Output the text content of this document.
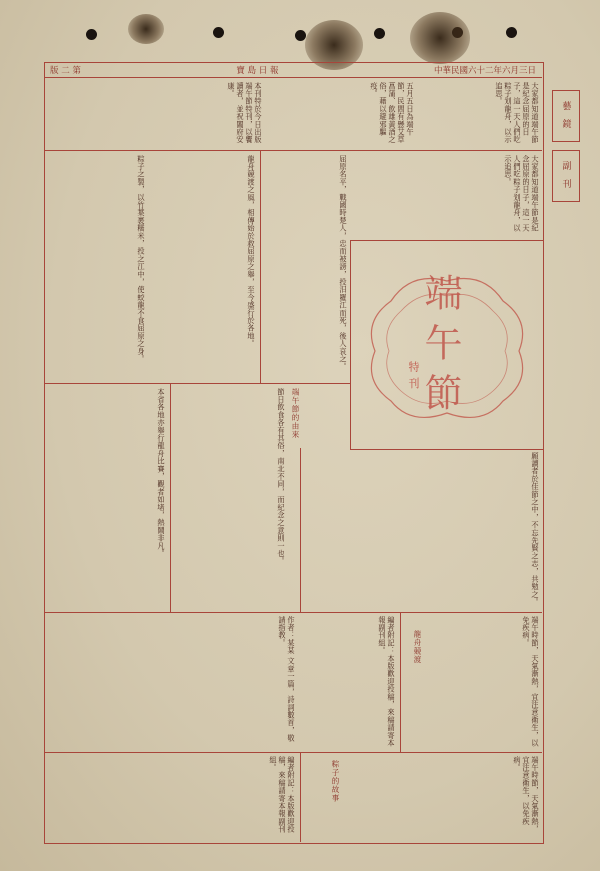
版 二 第	寶 島 日 報	中華民國六十二年六月三日
藝 鏡
副 刊
端 午 節
特 刊
大家都知道端午節是紀念屈原的日子，這一天人們吃粽子划龍舟，以示追思。
五月五日為端午節，民間有懸艾草菖蒲、飲雄黃酒之俗，藉以避邪驅疫。
本刊特於今日出版端午節特刊，以饗讀者，並祝闔府安康。
屈原名平，戰國時楚人，忠而被謗，投汨羅江而死，後人哀之。
龍舟競渡之風，相傳始於救屈原之舉，至今盛行於各地。
粽子之製，以竹葉裹糯米，投之江中，使蛟龍不食屈原之身。	大家都知道端午節是紀念屈原的日子，這一天人們吃粽子划龍舟，以示追思。
端午節的由來
節日飲食各有其俗，南北不同，而紀念之意則一也。
本省各地亦舉行龍舟比賽，觀者如堵，熱鬧非凡。	願讀者於佳節之中，不忘先賢之志，共勉之。
龍舟競渡	端午時節，天氣漸熱，宜注意衛生，以免疾病。
編者附記：本版歡迎投稿，來稿請寄本報副刊組。
作者：某某 文章一篇，詩詞數首，敬請指教。
粽子的故事	端午時節，天氣漸熱，宜注意衛生，以免疾病。
編者附記：本版歡迎投稿，來稿請寄本報副刊組。
